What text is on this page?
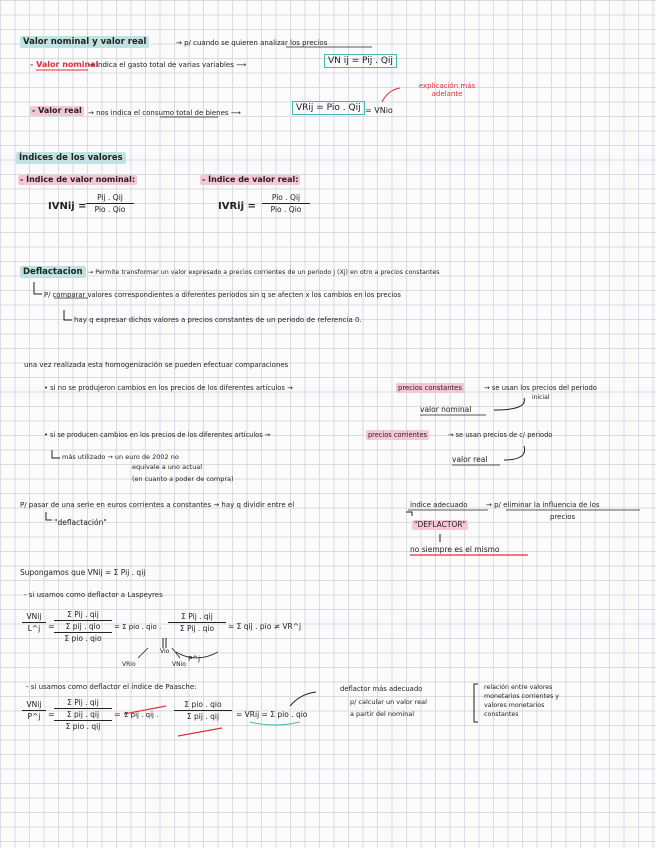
Valor nominal y valor real	→ p/ cuando se quieren analizar los precios
- Valor nominal
→ indica el gasto total de varias variables ⟶	VN ij = Pij . Qij
- Valor real → nos indica el consumo total de bienes ⟶	VRij = Pio . Qij = VNio
explicación más adelante
Índices de los valores
- Índice de valor nominal:
IVNij =
Pij . Qij
Pio . Qio
- Índice de valor real:
IVRij =
Pio . Qij
Pio . Qio
Deflactacion → Permite transformar un valor expresado a precios corrientes de un periodo j (Xj) en otro a precios constantes
P/ comparar valores correspondientes a diferentes periodos sin q se afecten x los cambios en los precios
hay q expresar dichos valores a precios constantes de un periodo de referencia 0.
una vez realizada esta homogenización se pueden efectuar comparaciones
• si no se produjeron cambios en los precios de los diferentes artículos →	precios constantes	→ se usan los precios del periodo
inicial
valor nominal
• si se producen cambios en los precios de los diferentes artículos →	precios corrientes	→ se usan precios de c/ periodo
más utilizado → un euro de 2002 no
equivale a uno actual
(en cuanto a poder de compra)
valor real
P/ pasar de una serie en euros corrientes a constantes → hay q dividir entre el	índice adecuado	→ p/ eliminar la influencia de los
precios
"deflactación"	"DEFLACTOR"
no siempre es el mismo
Supongamos que VNij = Σ Pij . qij
- si usamos como deflactor a Laspeyres
VNij
L^j =
Σ Pij . qij
Σ pij . qio
Σ pio . qio
= Σ pio . qio .
Σ Pij . qij
Σ Pij . qio	= Σ qij . pio ≠ VR^j
Vio
VRio	VNio
P^j
- si usamos como deflactor el índice de Paasche:
VNij
P^j =
Σ Pij . qij
Σ pij . qij
Σ pio . qij
= Σ pij . qij .
Σ pio . qio
Σ pij . qij	= VRij = Σ pio . qio
deflactor más adecuado
p/ calcular un valor real
a partir del nominal
relación entre valores
monetarios corrientes y
valores monetarios
constantes
